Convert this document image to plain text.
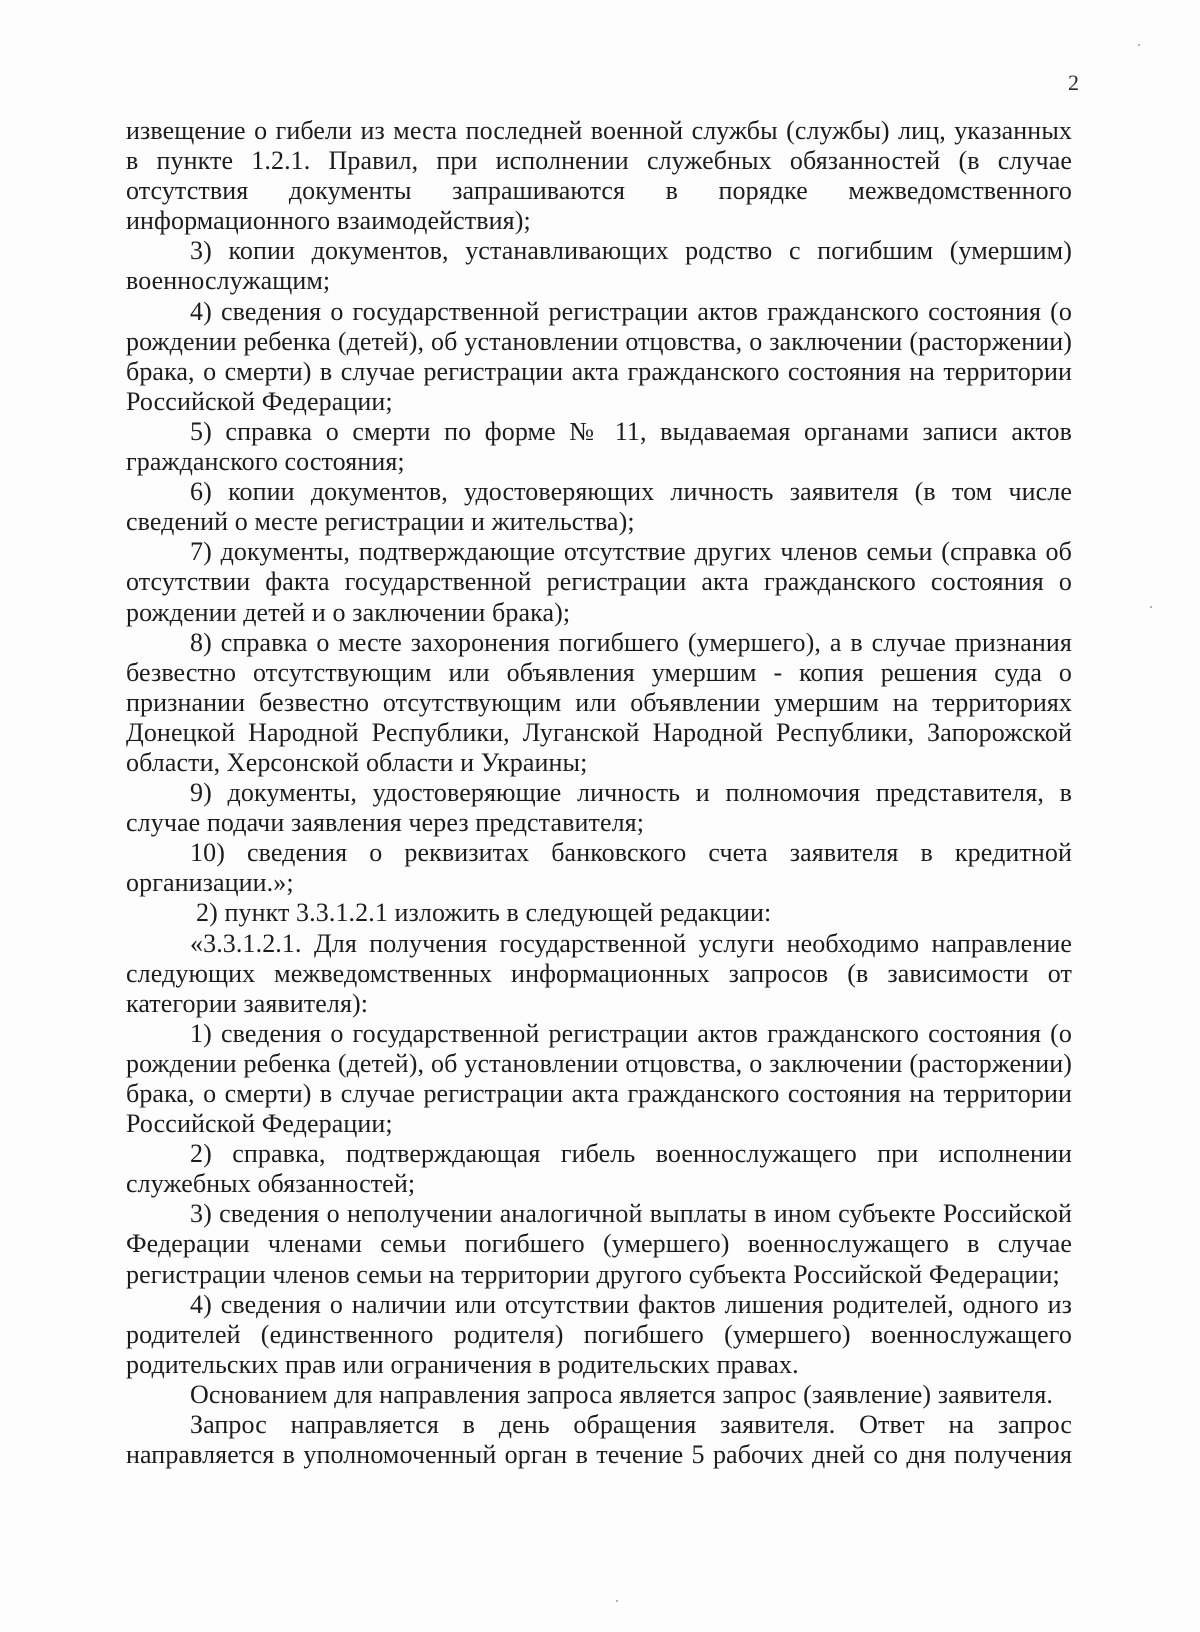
2

извещение о гибели из места последней военной службы (службы) лиц, указанных в пункте 1.2.1. Правил, при исполнении служебных обязанностей (в случае отсутствия документы запрашиваются в порядке межведомственного информационного взаимодействия);

3) копии документов, устанавливающих родство с погибшим (умершим) военнослужащим;

4) сведения о государственной регистрации актов гражданского состояния (о рождении ребенка (детей), об установлении отцовства, о заключении (расторжении) брака, о смерти) в случае регистрации акта гражданского состояния на территории Российской Федерации;

5) справка о смерти по форме № 11, выдаваемая органами записи актов гражданского состояния;

6) копии документов, удостоверяющих личность заявителя (в том числе сведений о месте регистрации и жительства);

7) документы, подтверждающие отсутствие других членов семьи (справка об отсутствии факта государственной регистрации акта гражданского состояния о рождении детей и о заключении брака);

8) справка о месте захоронения погибшего (умершего), а в случае признания безвестно отсутствующим или объявления умершим - копия решения суда о признании безвестно отсутствующим или объявлении умершим на территориях Донецкой Народной Республики, Луганской Народной Республики, Запорожской области, Херсонской области и Украины;

9) документы, удостоверяющие личность и полномочия представителя, в случае подачи заявления через представителя;

10) сведения о реквизитах банковского счета заявителя в кредитной организации.»;

2) пункт 3.3.1.2.1 изложить в следующей редакции:

«3.3.1.2.1. Для получения государственной услуги необходимо направление следующих межведомственных информационных запросов (в зависимости от категории заявителя):

1) сведения о государственной регистрации актов гражданского состояния (о рождении ребенка (детей), об установлении отцовства, о заключении (расторжении) брака, о смерти) в случае регистрации акта гражданского состояния на территории Российской Федерации;

2) справка, подтверждающая гибель военнослужащего при исполнении служебных обязанностей;

3) сведения о неполучении аналогичной выплаты в ином субъекте Российской Федерации членами семьи погибшего (умершего) военнослужащего в случае регистрации членов семьи на территории другого субъекта Российской Федерации;

4) сведения о наличии или отсутствии фактов лишения родителей, одного из родителей (единственного родителя) погибшего (умершего) военнослужащего родительских прав или ограничения в родительских правах.

Основанием для направления запроса является запрос (заявление) заявителя.

Запрос направляется в день обращения заявителя. Ответ на запрос направляется в уполномоченный орган в течение 5 рабочих дней со дня получения
